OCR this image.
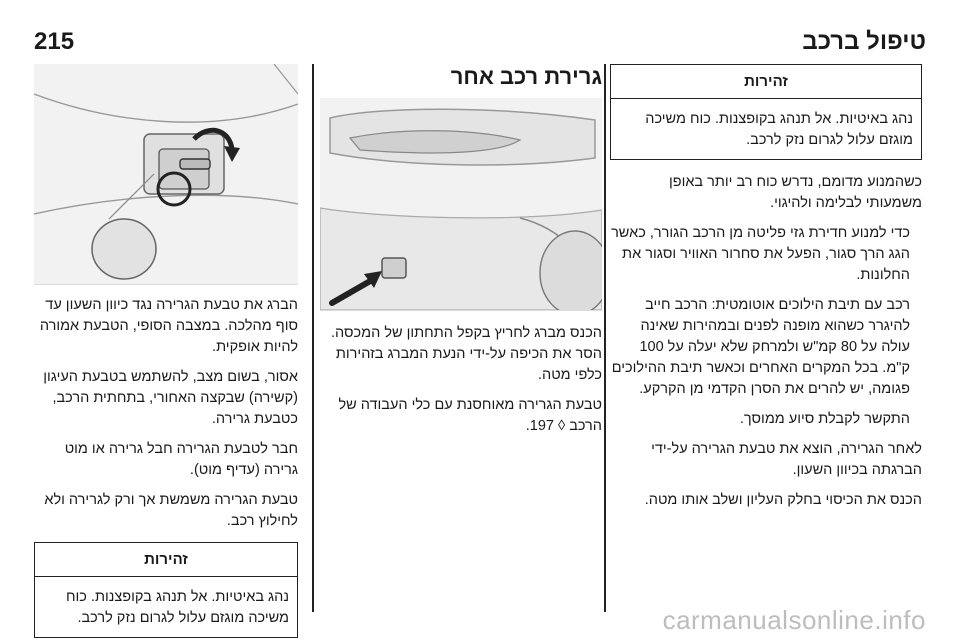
215	טיפול ברכב
זהירות
נהג באיטיות. אל תנהג בקופצנות. כוח משיכה מוגזם עלול לגרום נזק לרכב.

כשהמנוע מדומם, נדרש כוח רב יותר באופן משמעותי לבלימה ולהיגוי.

כדי למנוע חדירת גזי פליטה מן הרכב הגורר, כאשר הגג הרך סגור, הפעל את סחרור האוויר וסגור את החלונות.

רכב עם תיבת הילוכים אוטומטית: הרכב חייב להיגרר כשהוא מופנה לפנים ובמהירות שאינה עולה על 80 קמ"ש ולמרחק שלא יעלה על 100 ק"מ. בכל המקרים האחרים וכאשר תיבת ההילוכים פגומה, יש להרים את הסרן הקדמי מן הקרקע.

התקשר לקבלת סיוע ממוסך.

לאחר הגרירה, הוצא את טבעת הגרירה על-ידי הברגתה בכיוון השעון.

הכנס את הכיסוי בחלק העליון ושלב אותו מטה.

גרירת רכב אחר

הכנס מברג לחריץ בקפל התחתון של המכסה. הסר את הכיפה על-ידי הנעת המברג בזהירות כלפי מטה.

טבעת הגרירה מאוחסנת עם כלי העבודה של הרכב ◊ 197.

הברג את טבעת הגרירה נגד כיוון השעון עד סוף מהלכה. במצבה הסופי, הטבעת אמורה להיות אופקית.

אסור, בשום מצב, להשתמש בטבעת העיגון (קשירה) שבקצה האחורי, בתחתית הרכב, כטבעת גרירה.

חבר לטבעת הגרירה חבל גרירה או מוט גרירה (עדיף מוט).

טבעת הגרירה משמשת אך ורק לגרירה ולא לחילוץ רכב.

זהירות
נהג באיטיות. אל תנהג בקופצנות. כוח משיכה מוגזם עלול לגרום נזק לרכב.	carmanualsonline.info
